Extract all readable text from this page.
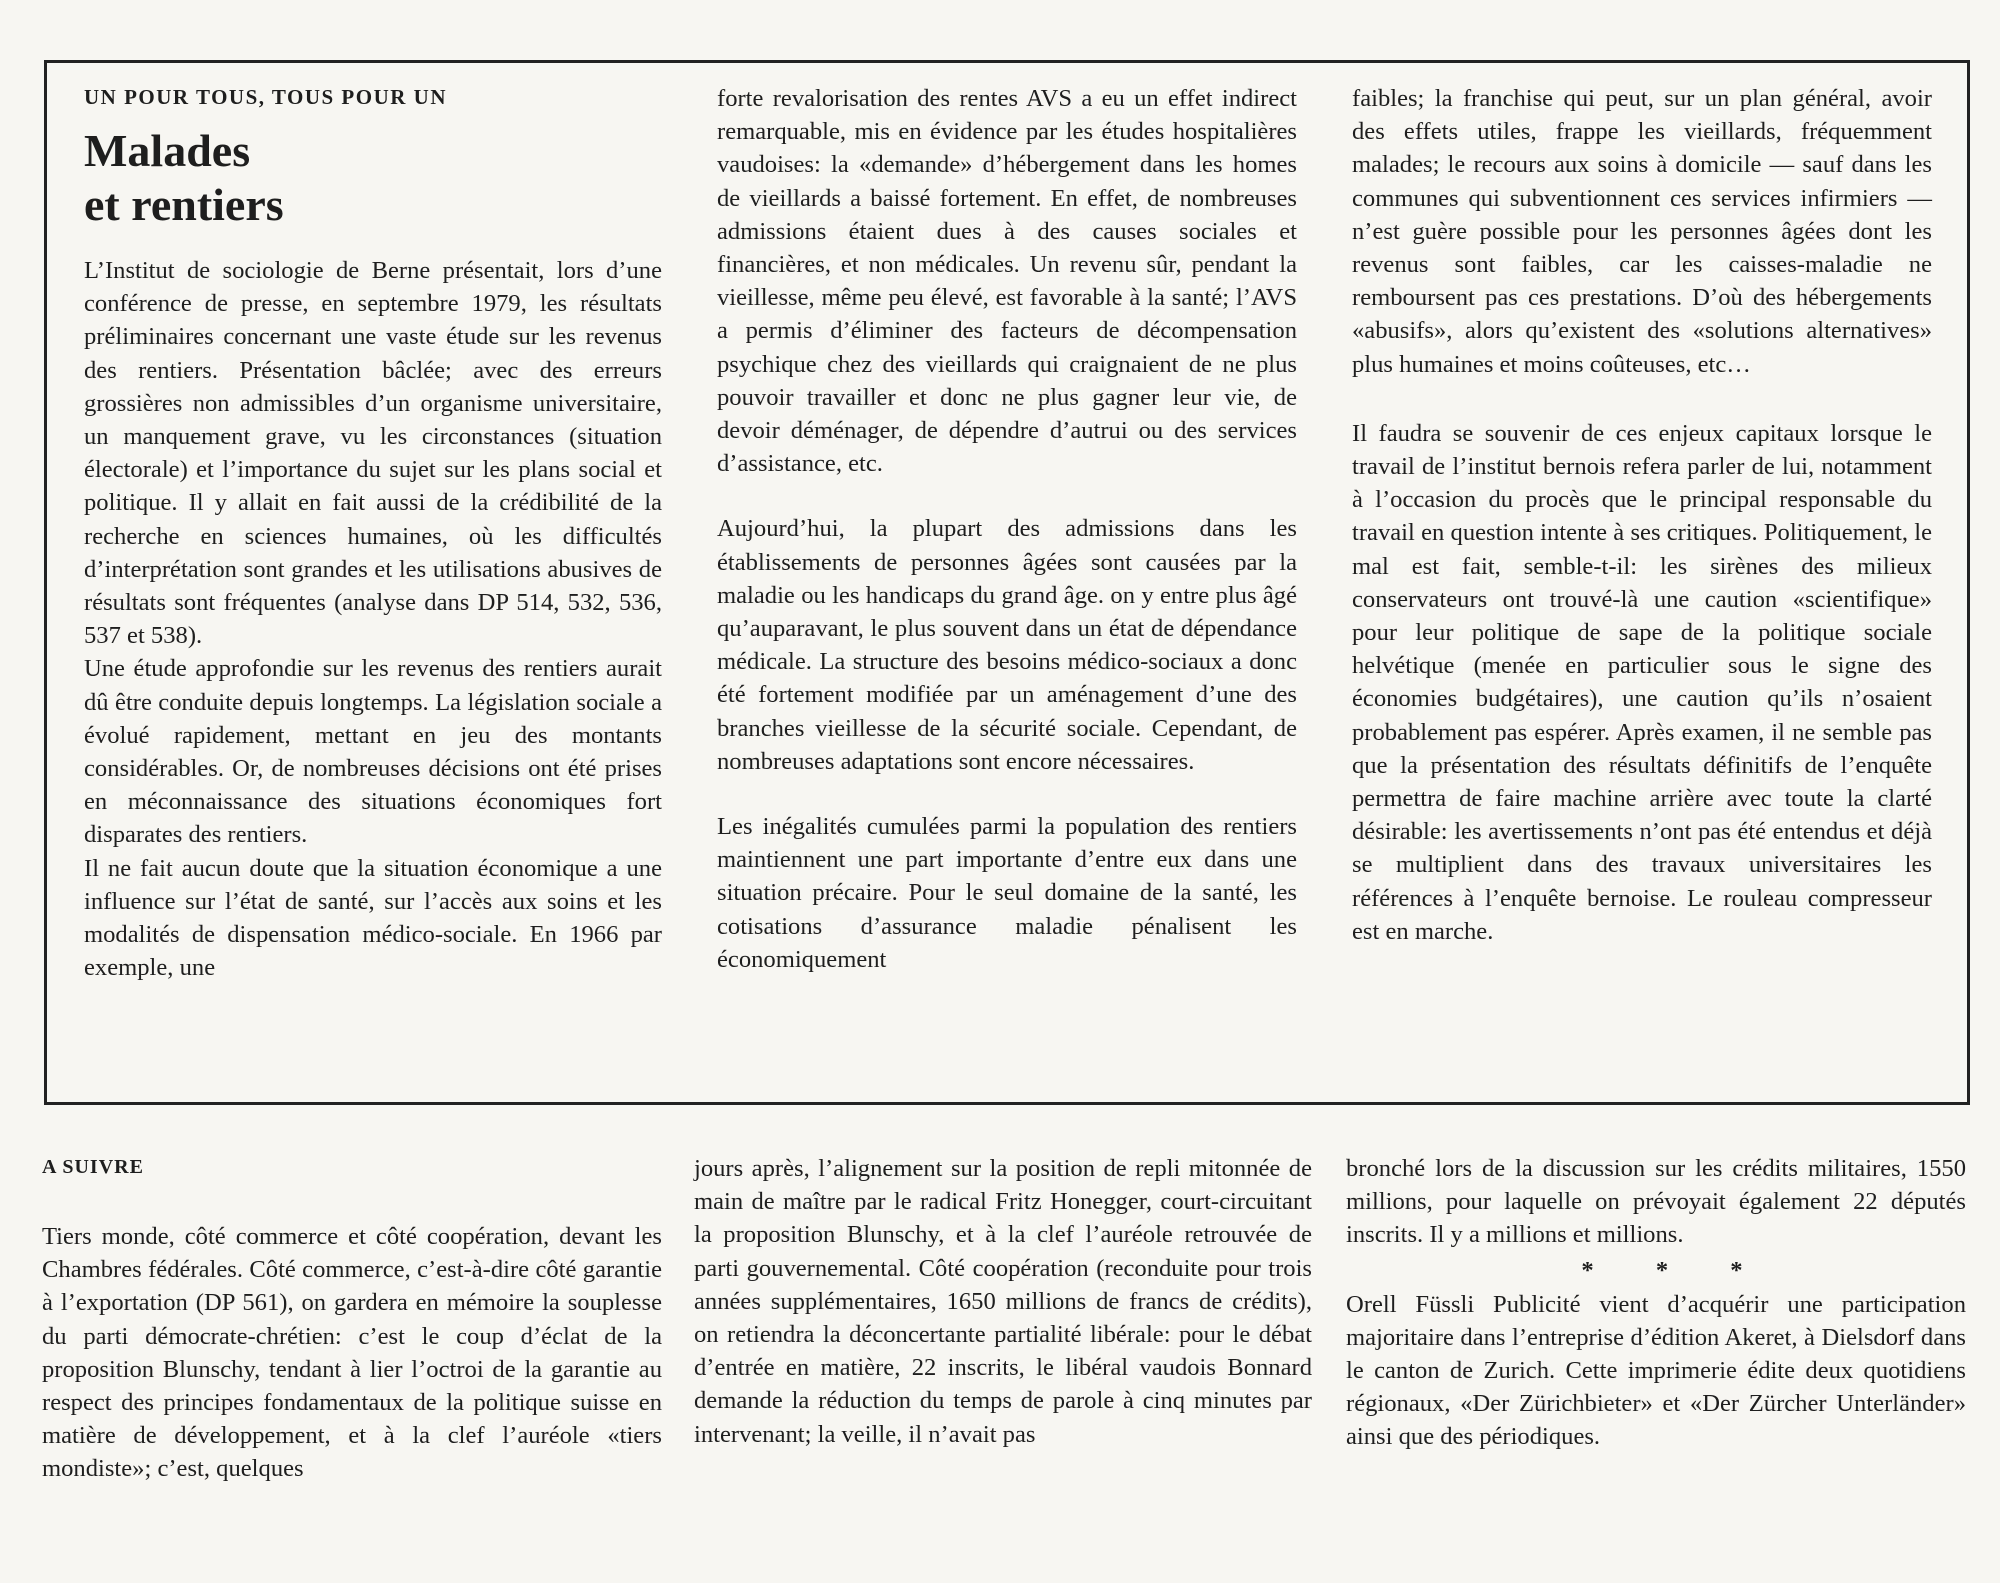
UN POUR TOUS, TOUS POUR UN
Malades
et rentiers

L’Institut de sociologie de Berne présentait, lors d’une conférence de presse, en septembre 1979, les résultats préliminaires concernant une vaste étude sur les revenus des rentiers. Présentation bâclée; avec des erreurs grossières non admissibles d’un organisme universitaire, un manquement grave, vu les circonstances (situation électorale) et l’importance du sujet sur les plans social et politique. Il y allait en fait aussi de la crédibilité de la recherche en sciences humaines, où les difficultés d’interprétation sont grandes et les utilisations abusives de résultats sont fréquentes (analyse dans DP 514, 532, 536, 537 et 538).

Une étude approfondie sur les revenus des rentiers aurait dû être conduite depuis longtemps. La législation sociale a évolué rapidement, mettant en jeu des montants considérables. Or, de nombreuses décisions ont été prises en méconnaissance des situations économiques fort disparates des rentiers.

Il ne fait aucun doute que la situation économique a une influence sur l’état de santé, sur l’accès aux soins et les modalités de dispensation médico-sociale. En 1966 par exemple, une

forte revalorisation des rentes AVS a eu un effet indirect remarquable, mis en évidence par les études hospitalières vaudoises: la «demande» d’hébergement dans les homes de vieillards a baissé fortement. En effet, de nombreuses admissions étaient dues à des causes sociales et financières, et non médicales. Un revenu sûr, pendant la vieillesse, même peu élevé, est favorable à la santé; l’AVS a permis d’éliminer des facteurs de décompensation psychique chez des vieillards qui craignaient de ne plus pouvoir travailler et donc ne plus gagner leur vie, de devoir déménager, de dépendre d’autrui ou des services d’assistance, etc.

Aujourd’hui, la plupart des admissions dans les établissements de personnes âgées sont causées par la maladie ou les handicaps du grand âge. on y entre plus âgé qu’auparavant, le plus souvent dans un état de dépendance médicale. La structure des besoins médico-sociaux a donc été fortement modifiée par un aménagement d’une des branches vieillesse de la sécurité sociale. Cependant, de nombreuses adaptations sont encore nécessaires.

Les inégalités cumulées parmi la population des rentiers maintiennent une part importante d’entre eux dans une situation précaire. Pour le seul domaine de la santé, les cotisations d’assurance maladie pénalisent les économiquement

faibles; la franchise qui peut, sur un plan général, avoir des effets utiles, frappe les vieillards, fréquemment malades; le recours aux soins à domicile — sauf dans les communes qui subventionnent ces services infirmiers — n’est guère possible pour les personnes âgées dont les revenus sont faibles, car les caisses-maladie ne remboursent pas ces prestations. D’où des hébergements «abusifs», alors qu’existent des «solutions alternatives» plus humaines et moins coûteuses, etc…

Il faudra se souvenir de ces enjeux capitaux lorsque le travail de l’institut bernois refera parler de lui, notamment à l’occasion du procès que le principal responsable du travail en question intente à ses critiques. Politiquement, le mal est fait, semble-t-il: les sirènes des milieux conservateurs ont trouvé-là une caution «scientifique» pour leur politique de sape de la politique sociale helvétique (menée en particulier sous le signe des économies budgétaires), une caution qu’ils n’osaient probablement pas espérer. Après examen, il ne semble pas que la présentation des résultats définitifs de l’enquête permettra de faire machine arrière avec toute la clarté désirable: les avertissements n’ont pas été entendus et déjà se multiplient dans des travaux universitaires les références à l’enquête bernoise. Le rouleau compresseur est en marche.

A SUIVRE

Tiers monde, côté commerce et côté coopération, devant les Chambres fédérales. Côté commerce, c’est-à-dire côté garantie à l’exportation (DP 561), on gardera en mémoire la souplesse du parti démocrate-chrétien: c’est le coup d’éclat de la proposition Blunschy, tendant à lier l’octroi de la garantie au respect des principes fondamentaux de la politique suisse en matière de développement, et à la clef l’auréole «tiers mondiste»; c’est, quelques

jours après, l’alignement sur la position de repli mitonnée de main de maître par le radical Fritz Honegger, court-circuitant la proposition Blunschy, et à la clef l’auréole retrouvée de parti gouvernemental. Côté coopération (reconduite pour trois années supplémentaires, 1650 millions de francs de crédits), on retiendra la déconcertante partialité libérale: pour le débat d’entrée en matière, 22 inscrits, le libéral vaudois Bonnard demande la réduction du temps de parole à cinq minutes par intervenant; la veille, il n’avait pas

bronché lors de la discussion sur les crédits militaires, 1550 millions, pour laquelle on prévoyait également 22 députés inscrits. Il y a millions et millions.

* * *

Orell Füssli Publicité vient d’acquérir une participation majoritaire dans l’entreprise d’édition Akeret, à Dielsdorf dans le canton de Zurich. Cette imprimerie édite deux quotidiens régionaux, «Der Zürichbieter» et «Der Zürcher Unterländer» ainsi que des périodiques.
